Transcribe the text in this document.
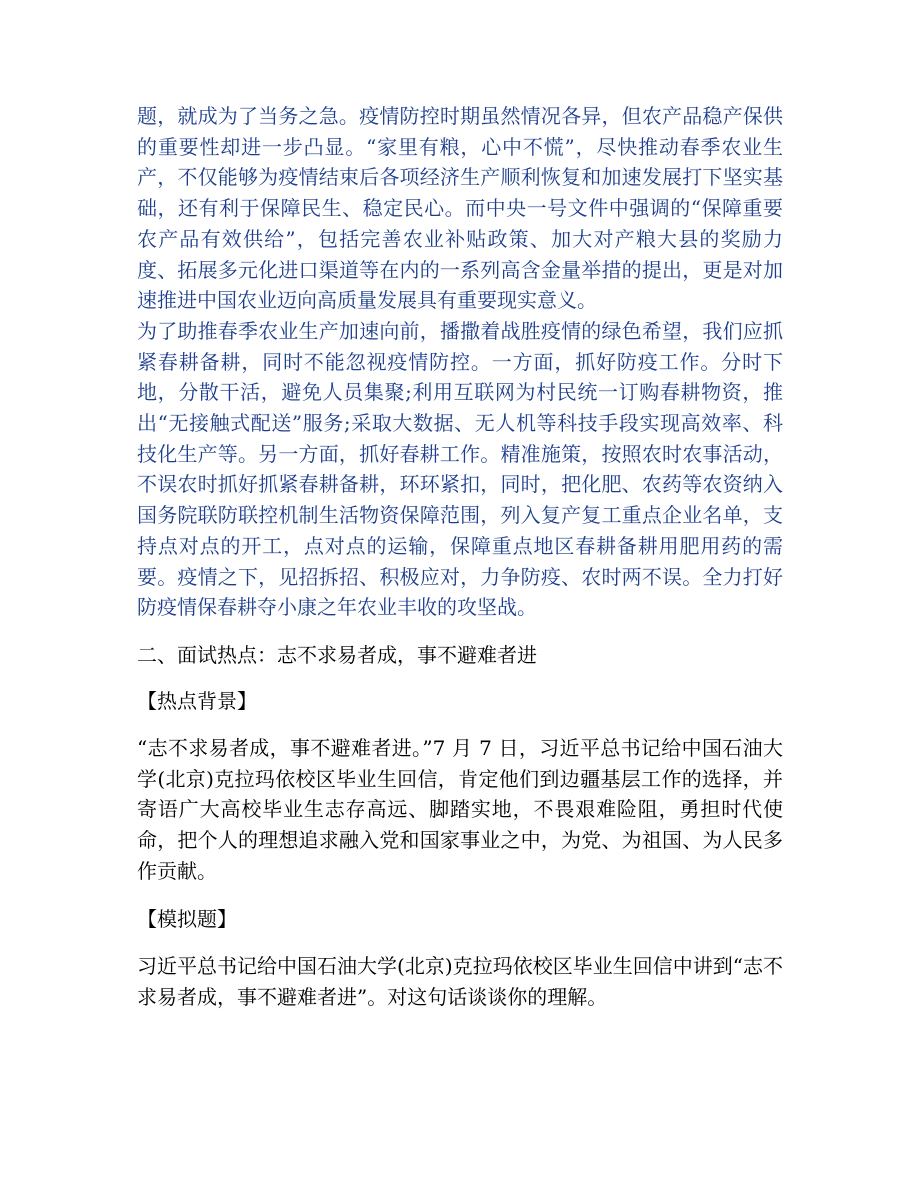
题，就成为了当务之急。疫情防控时期虽然情况各异，但农产品稳产保供的重要性却进一步凸显。“家里有粮，心中不慌”，尽快推动春季农业生产，不仅能够为疫情结束后各项经济生产顺利恢复和加速发展打下坚实基础，还有利于保障民生、稳定民心。而中央一号文件中强调的“保障重要农产品有效供给”，包括完善农业补贴政策、加大对产粮大县的奖励力度、拓展多元化进口渠道等在内的一系列高含金量举措的提出，更是对加速推进中国农业迈向高质量发展具有重要现实意义。

为了助推春季农业生产加速向前，播撒着战胜疫情的绿色希望，我们应抓紧春耕备耕，同时不能忽视疫情防控。一方面，抓好防疫工作。分时下地，分散干活，避免人员集聚;利用互联网为村民统一订购春耕物资，推出“无接触式配送”服务;采取大数据、无人机等科技手段实现高效率、科技化生产等。另一方面，抓好春耕工作。精准施策，按照农时农事活动，不误农时抓好抓紧春耕备耕，环环紧扣，同时，把化肥、农药等农资纳入国务院联防联控机制生活物资保障范围，列入复产复工重点企业名单，支持点对点的开工，点对点的运输，保障重点地区春耕备耕用肥用药的需要。疫情之下，见招拆招、积极应对，力争防疫、农时两不误。全力打好防疫情保春耕夺小康之年农业丰收的攻坚战。

二、面试热点：志不求易者成，事不避难者进

【热点背景】

“志不求易者成，事不避难者进。”7 月 7 日，习近平总书记给中国石油大学(北京)克拉玛依校区毕业生回信，肯定他们到边疆基层工作的选择，并寄语广大高校毕业生志存高远、脚踏实地，不畏艰难险阻，勇担时代使命，把个人的理想追求融入党和国家事业之中，为党、为祖国、为人民多作贡献。

【模拟题】

习近平总书记给中国石油大学(北京)克拉玛依校区毕业生回信中讲到“志不求易者成，事不避难者进”。对这句话谈谈你的理解。
